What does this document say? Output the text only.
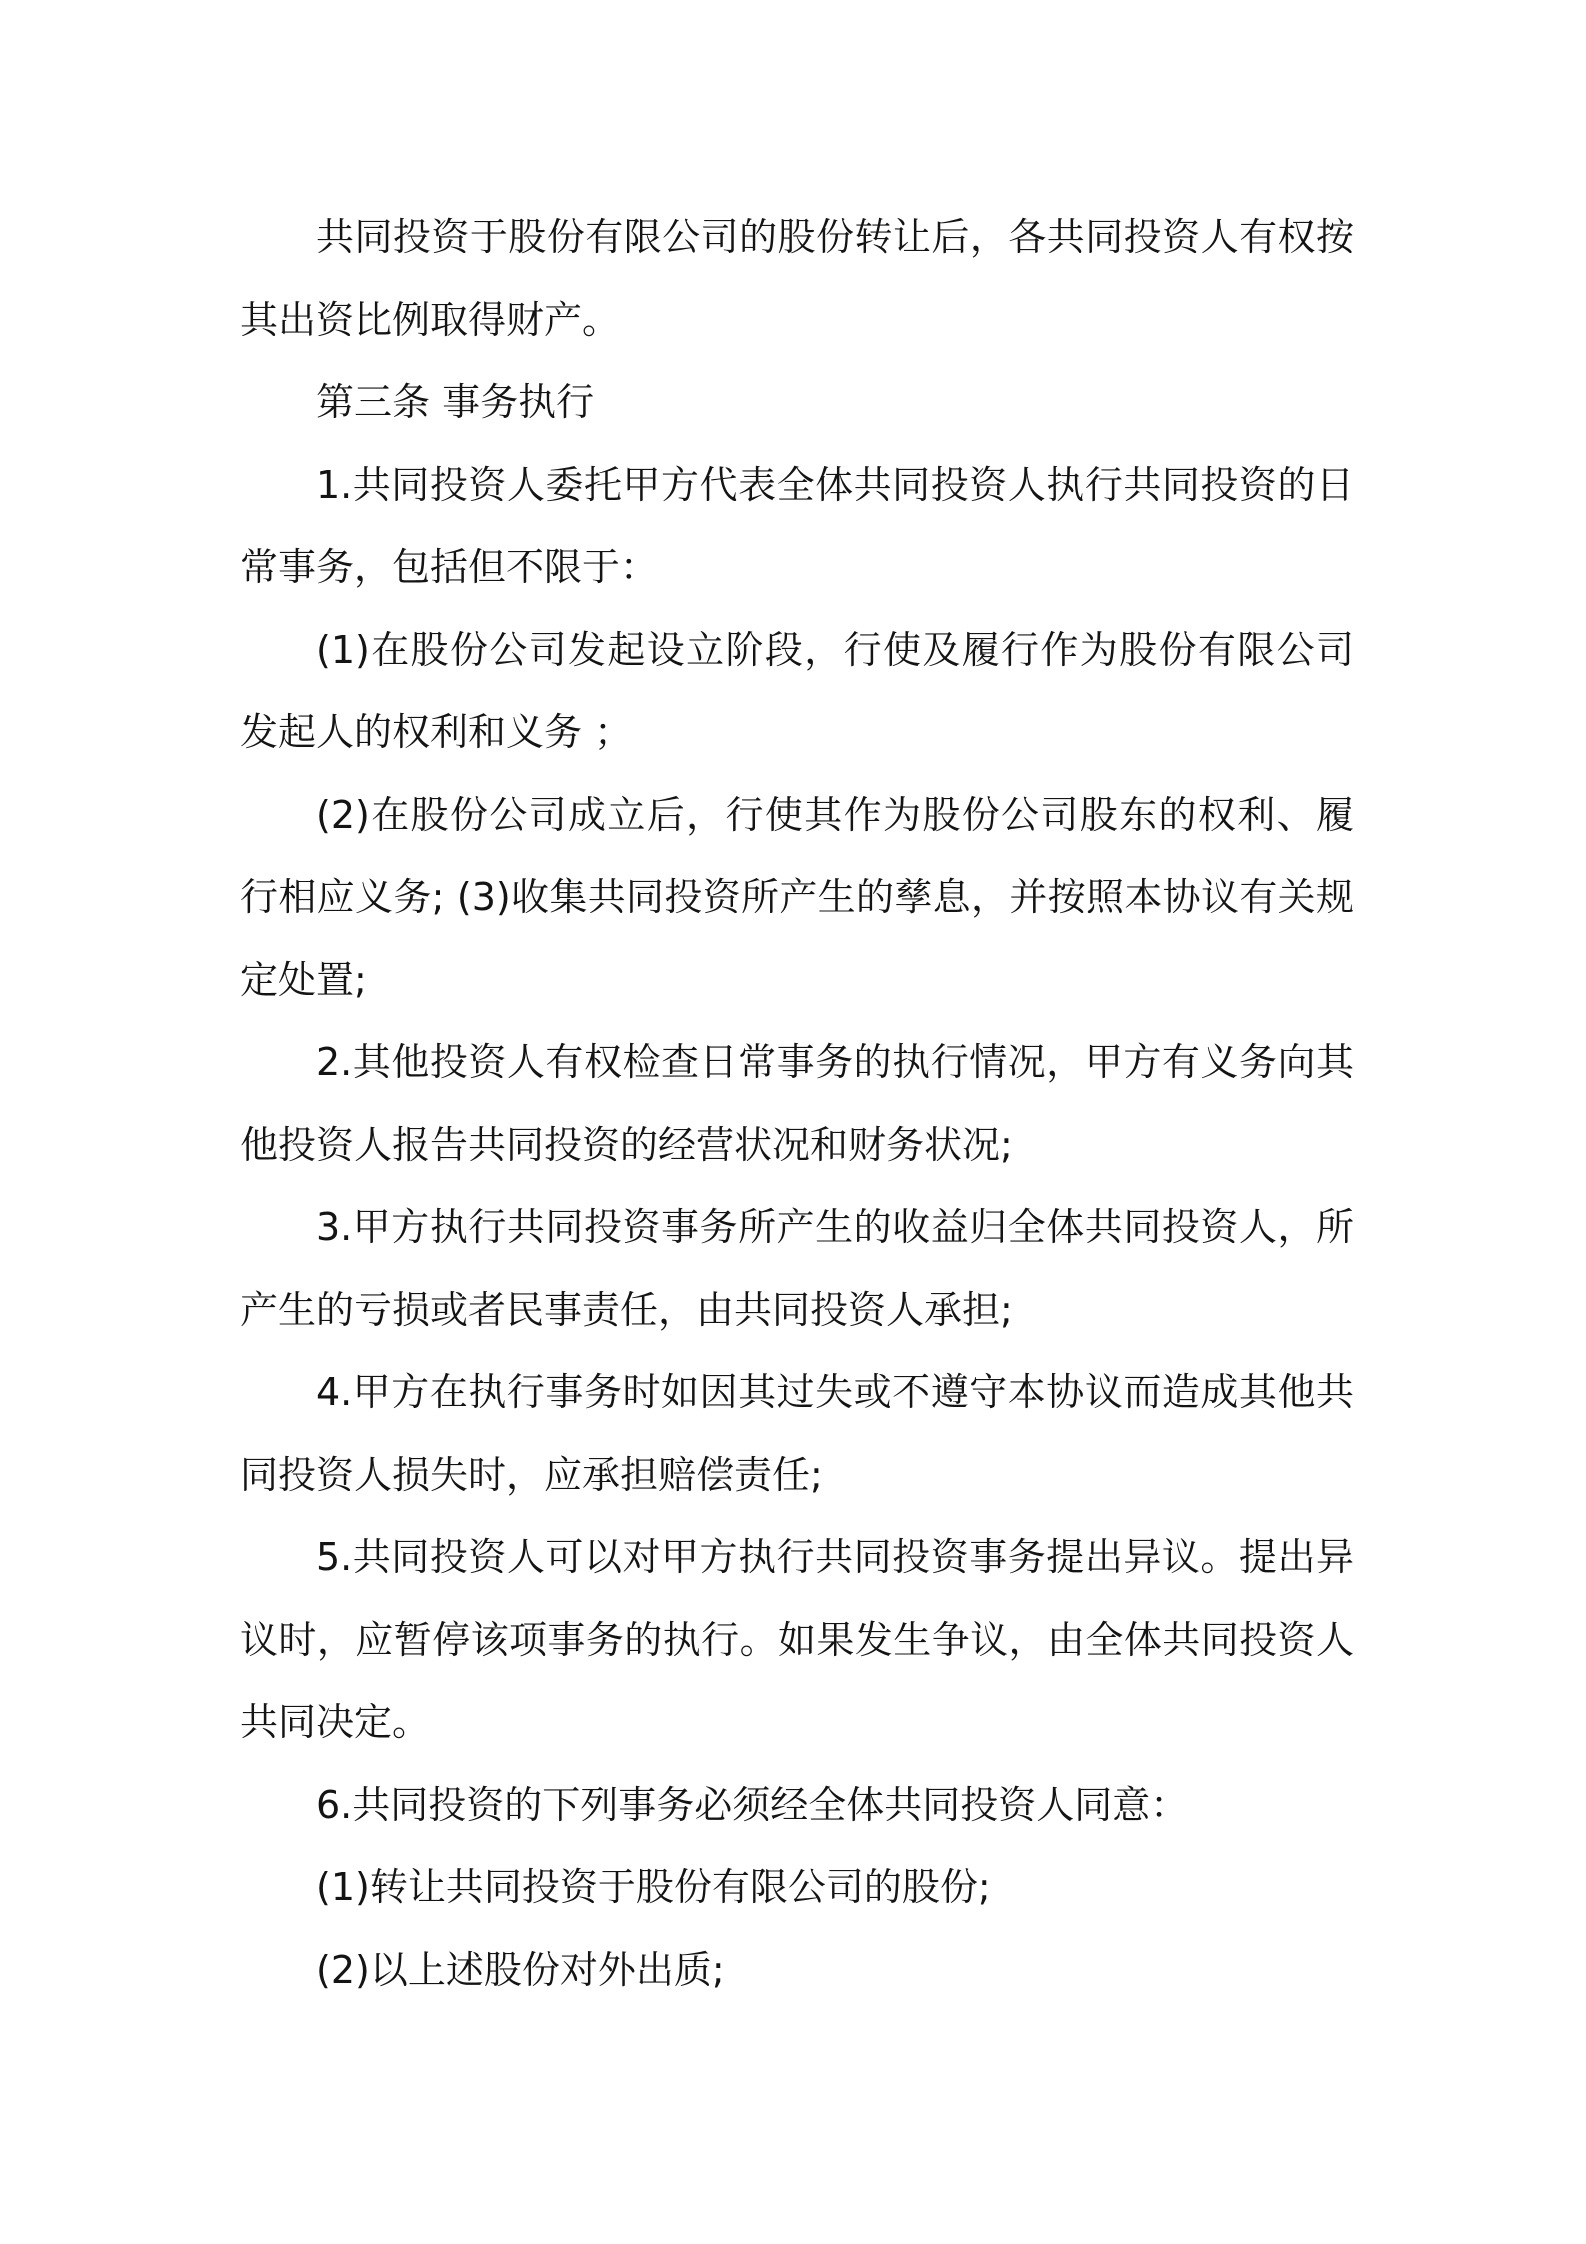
共同投资于股份有限公司的股份转让后，各共同投资人有权按其出资比例取得财产。

第三条 事务执行

1.共同投资人委托甲方代表全体共同投资人执行共同投资的日常事务，包括但不限于：

(1)在股份公司发起设立阶段，行使及履行作为股份有限公司发起人的权利和义务 ；

(2)在股份公司成立后，行使其作为股份公司股东的权利、履行相应义务; (3)收集共同投资所产生的孳息，并按照本协议有关规定处置;

2.其他投资人有权检查日常事务的执行情况，甲方有义务向其他投资人报告共同投资的经营状况和财务状况;

3.甲方执行共同投资事务所产生的收益归全体共同投资人，所产生的亏损或者民事责任，由共同投资人承担;

4.甲方在执行事务时如因其过失或不遵守本协议而造成其他共同投资人损失时，应承担赔偿责任;

5.共同投资人可以对甲方执行共同投资事务提出异议。提出异议时，应暂停该项事务的执行。如果发生争议，由全体共同投资人共同决定。

6.共同投资的下列事务必须经全体共同投资人同意：

(1)转让共同投资于股份有限公司的股份;

(2)以上述股份对外出质;
